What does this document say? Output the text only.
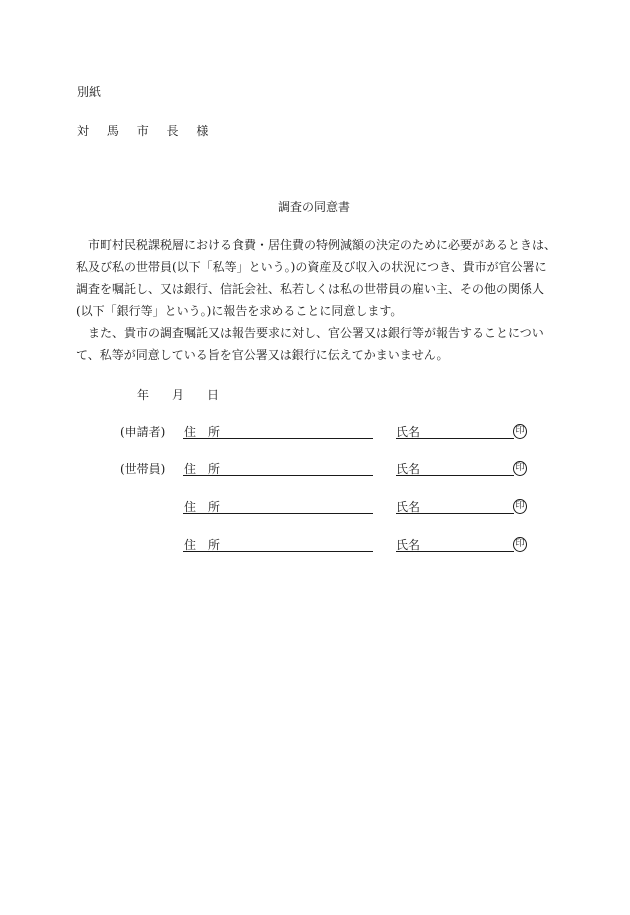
別紙
対 馬 市 長 様
調査の同意書

市町村民税課税層における食費・居住費の特例減額の決定のために必要があるときは、

私及び私の世帯員(以下「私等」という。)の資産及び収入の状況につき、貴市が官公署に

調査を嘱託し、又は銀行、信託会社、私若しくは私の世帯員の雇い主、その他の関係人

(以下「銀行等」という。)に報告を求めることに同意します。

また、貴市の調査嘱託又は報告要求に対し、官公署又は銀行等が報告することについ

て、私等が同意している旨を官公署又は銀行に伝えてかまいません。

年 月 日
(申請者) 住　所	氏名	印
(世帯員) 住　所	氏名	印
住　所	氏名	印
住　所	氏名	印
